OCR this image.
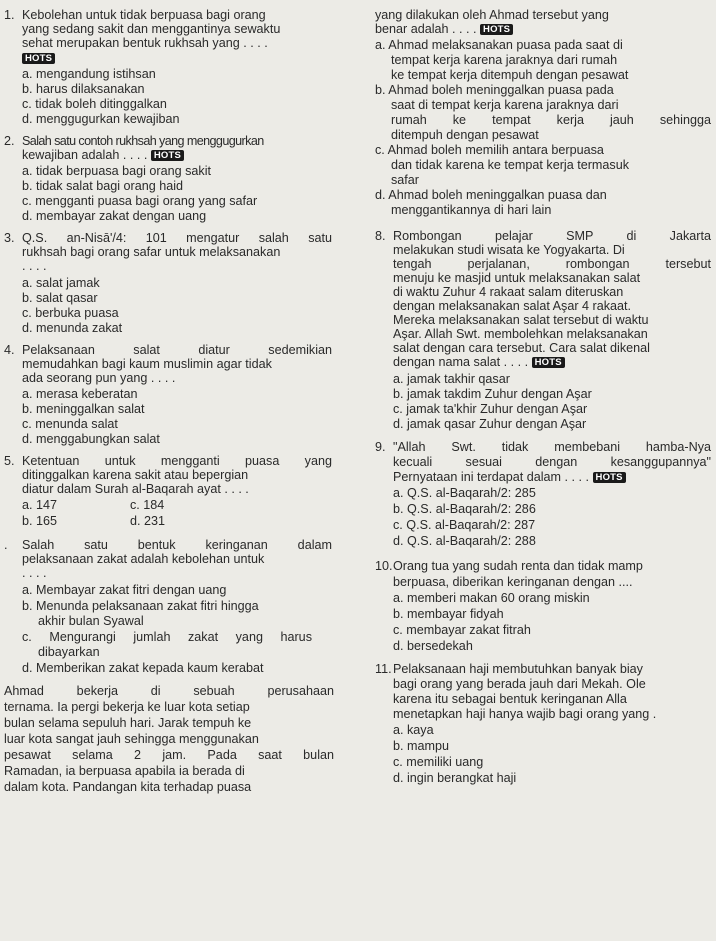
1. Kebolehan untuk tidak berpuasa bagi orang
yang sedang sakit dan menggantinya sewaktu
sehat merupakan bentuk rukhsah yang . . . .
HOTS
a. mengandung istihsan
b. harus dilaksanakan
c. tidak boleh ditinggalkan
d. menggugurkan kewajiban
2. Salah satu contoh rukhsah yang menggugurkan
kewajiban adalah . . . . HOTS
a. tidak berpuasa bagi orang sakit
b. tidak salat bagi orang haid
c. mengganti puasa bagi orang yang safar
d. membayar zakat dengan uang
3. Q.S. an-Nisā'/4: 101 mengatur salah satu
rukhsah bagi orang safar untuk melaksanakan
. . . .
a. salat jamak
b. salat qasar
c. berbuka puasa
d. menunda zakat
4. Pelaksanaan salat diatur sedemikian
memudahkan bagi kaum muslimin agar tidak
ada seorang pun yang . . . .
a. merasa keberatan
b. meninggalkan salat
c. menunda salat
d. menggabungkan salat
5. Ketentuan untuk mengganti puasa yang
ditinggalkan karena sakit atau bepergian
diatur dalam Surah al-Baqarah ayat . . . .
a. 147	c. 184
b. 165	d. 231
. Salah satu bentuk keringanan dalam
pelaksanaan zakat adalah kebolehan untuk
. . . .
a. Membayar zakat fitri dengan uang
b. Menunda pelaksanaan zakat fitri hingga
akhir bulan Syawal
c. Mengurangi jumlah zakat yang harus
dibayarkan
d. Memberikan zakat kepada kaum kerabat
Ahmad bekerja di sebuah perusahaan
ternama. Ia pergi bekerja ke luar kota setiap
bulan selama sepuluh hari. Jarak tempuh ke
luar kota sangat jauh sehingga menggunakan
pesawat selama 2 jam. Pada saat bulan
Ramadan, ia berpuasa apabila ia berada di
dalam kota. Pandangan kita terhadap puasa
yang dilakukan oleh Ahmad tersebut yang
benar adalah . . . . HOTS
a. Ahmad melaksanakan puasa pada saat di
tempat kerja karena jaraknya dari rumah
ke tempat kerja ditempuh dengan pesawat
b. Ahmad boleh meninggalkan puasa pada
saat di tempat kerja karena jaraknya dari
rumah ke tempat kerja jauh sehingga
ditempuh dengan pesawat
c. Ahmad boleh memilih antara berpuasa
dan tidak karena ke tempat kerja termasuk
safar
d. Ahmad boleh meninggalkan puasa dan
menggantikannya di hari lain
8. Rombongan pelajar SMP di Jakarta
melakukan studi wisata ke Yogyakarta. Di
tengah perjalanan, rombongan tersebut
menuju ke masjid untuk melaksanakan salat
di waktu Zuhur 4 rakaat salam diteruskan
dengan melaksanakan salat Aşar 4 rakaat.
Mereka melaksanakan salat tersebut di waktu
Aşar. Allah Swt. membolehkan melaksanakan
salat dengan cara tersebut. Cara salat dikenal
dengan nama salat . . . . HOTS
a. jamak takhir qasar
b. jamak takdim Zuhur dengan Aşar
c. jamak ta'khir Zuhur dengan Aşar
d. jamak qasar Zuhur dengan Aşar
9. "Allah Swt. tidak membebani hamba-Nya
kecuali sesuai dengan kesanggupannya"
Pernyataan ini terdapat dalam . . . . HOTS
a. Q.S. al-Baqarah/2: 285
b. Q.S. al-Baqarah/2: 286
c. Q.S. al-Baqarah/2: 287
d. Q.S. al-Baqarah/2: 288
10. Orang tua yang sudah renta dan tidak mamp
berpuasa, diberikan keringanan dengan ....
a. memberi makan 60 orang miskin
b. membayar fidyah
c. membayar zakat fitrah
d. bersedekah
11. Pelaksanaan haji membutuhkan banyak biay
bagi orang yang berada jauh dari Mekah. Ole
karena itu sebagai bentuk keringanan Alla
menetapkan haji hanya wajib bagi orang yang .
a. kaya
b. mampu
c. memiliki uang
d. ingin berangkat haji
